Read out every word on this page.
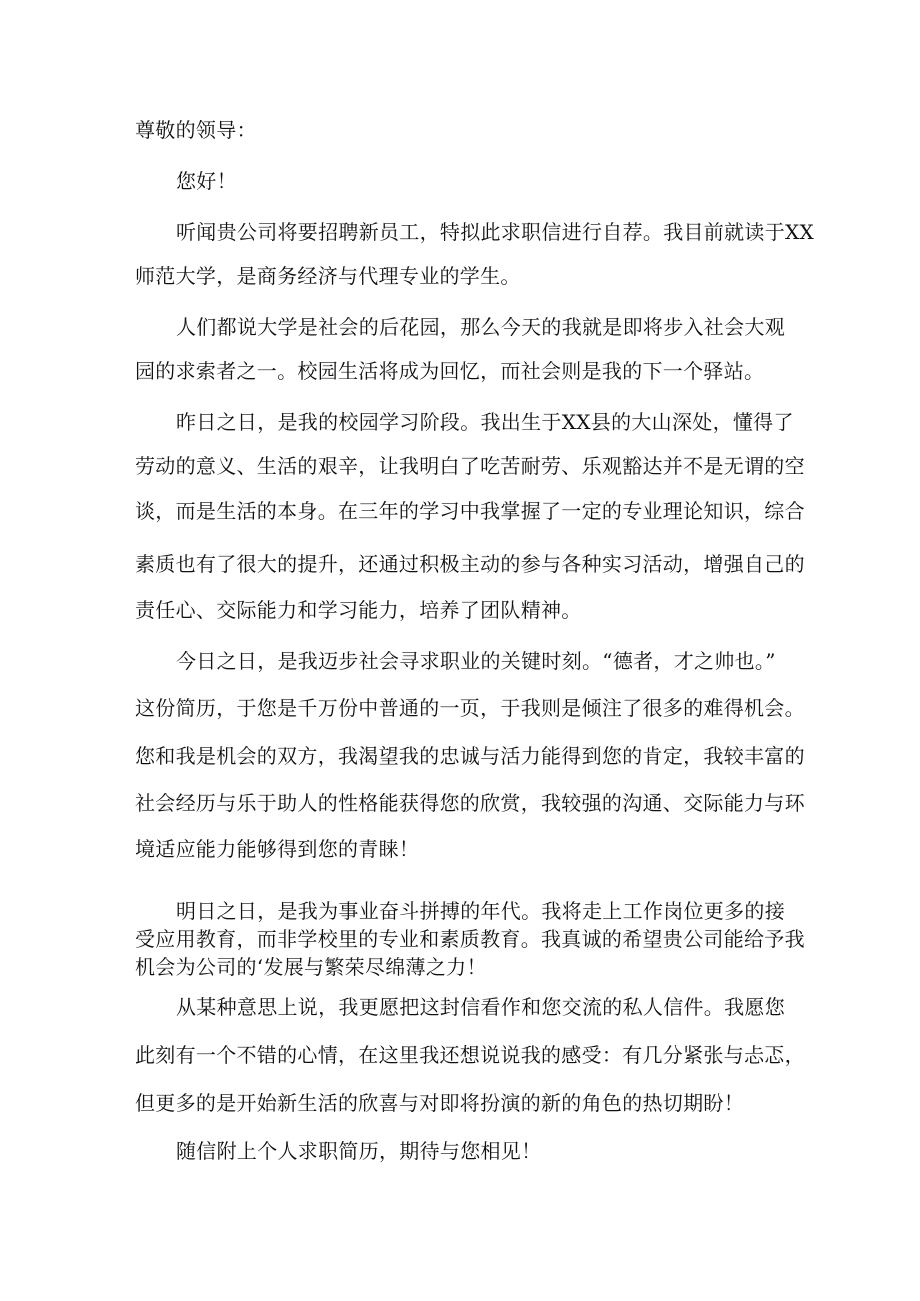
尊敬的领导：

您好！

听闻贵公司将要招聘新员工，特拟此求职信进行自荐。我目前就读于XX

师范大学，是商务经济与代理专业的学生。

人们都说大学是社会的后花园，那么今天的我就是即将步入社会大观

园的求索者之一。校园生活将成为回忆，而社会则是我的下一个驿站。

昨日之日，是我的校园学习阶段。我出生于XX县的大山深处，懂得了

劳动的意义、生活的艰辛，让我明白了吃苦耐劳、乐观豁达并不是无谓的空

谈，而是生活的本身。在三年的学习中我掌握了一定的专业理论知识，综合

素质也有了很大的提升，还通过积极主动的参与各种实习活动，增强自己的

责任心、交际能力和学习能力，培养了团队精神。

今日之日，是我迈步社会寻求职业的关键时刻。“德者，才之帅也。”

这份简历，于您是千万份中普通的一页，于我则是倾注了很多的难得机会。

您和我是机会的双方，我渴望我的忠诚与活力能得到您的肯定，我较丰富的

社会经历与乐于助人的性格能获得您的欣赏，我较强的沟通、交际能力与环

境适应能力能够得到您的青睐！

明日之日，是我为事业奋斗拼搏的年代。我将走上工作岗位更多的接

受应用教育，而非学校里的专业和素质教育。我真诚的希望贵公司能给予我

机会为公司的‘发展与繁荣尽绵薄之力！

从某种意思上说，我更愿把这封信看作和您交流的私人信件。我愿您

此刻有一个不错的心情，在这里我还想说说我的感受：有几分紧张与忐忑，

但更多的是开始新生活的欣喜与对即将扮演的新的角色的热切期盼！

随信附上个人求职简历，期待与您相见！
